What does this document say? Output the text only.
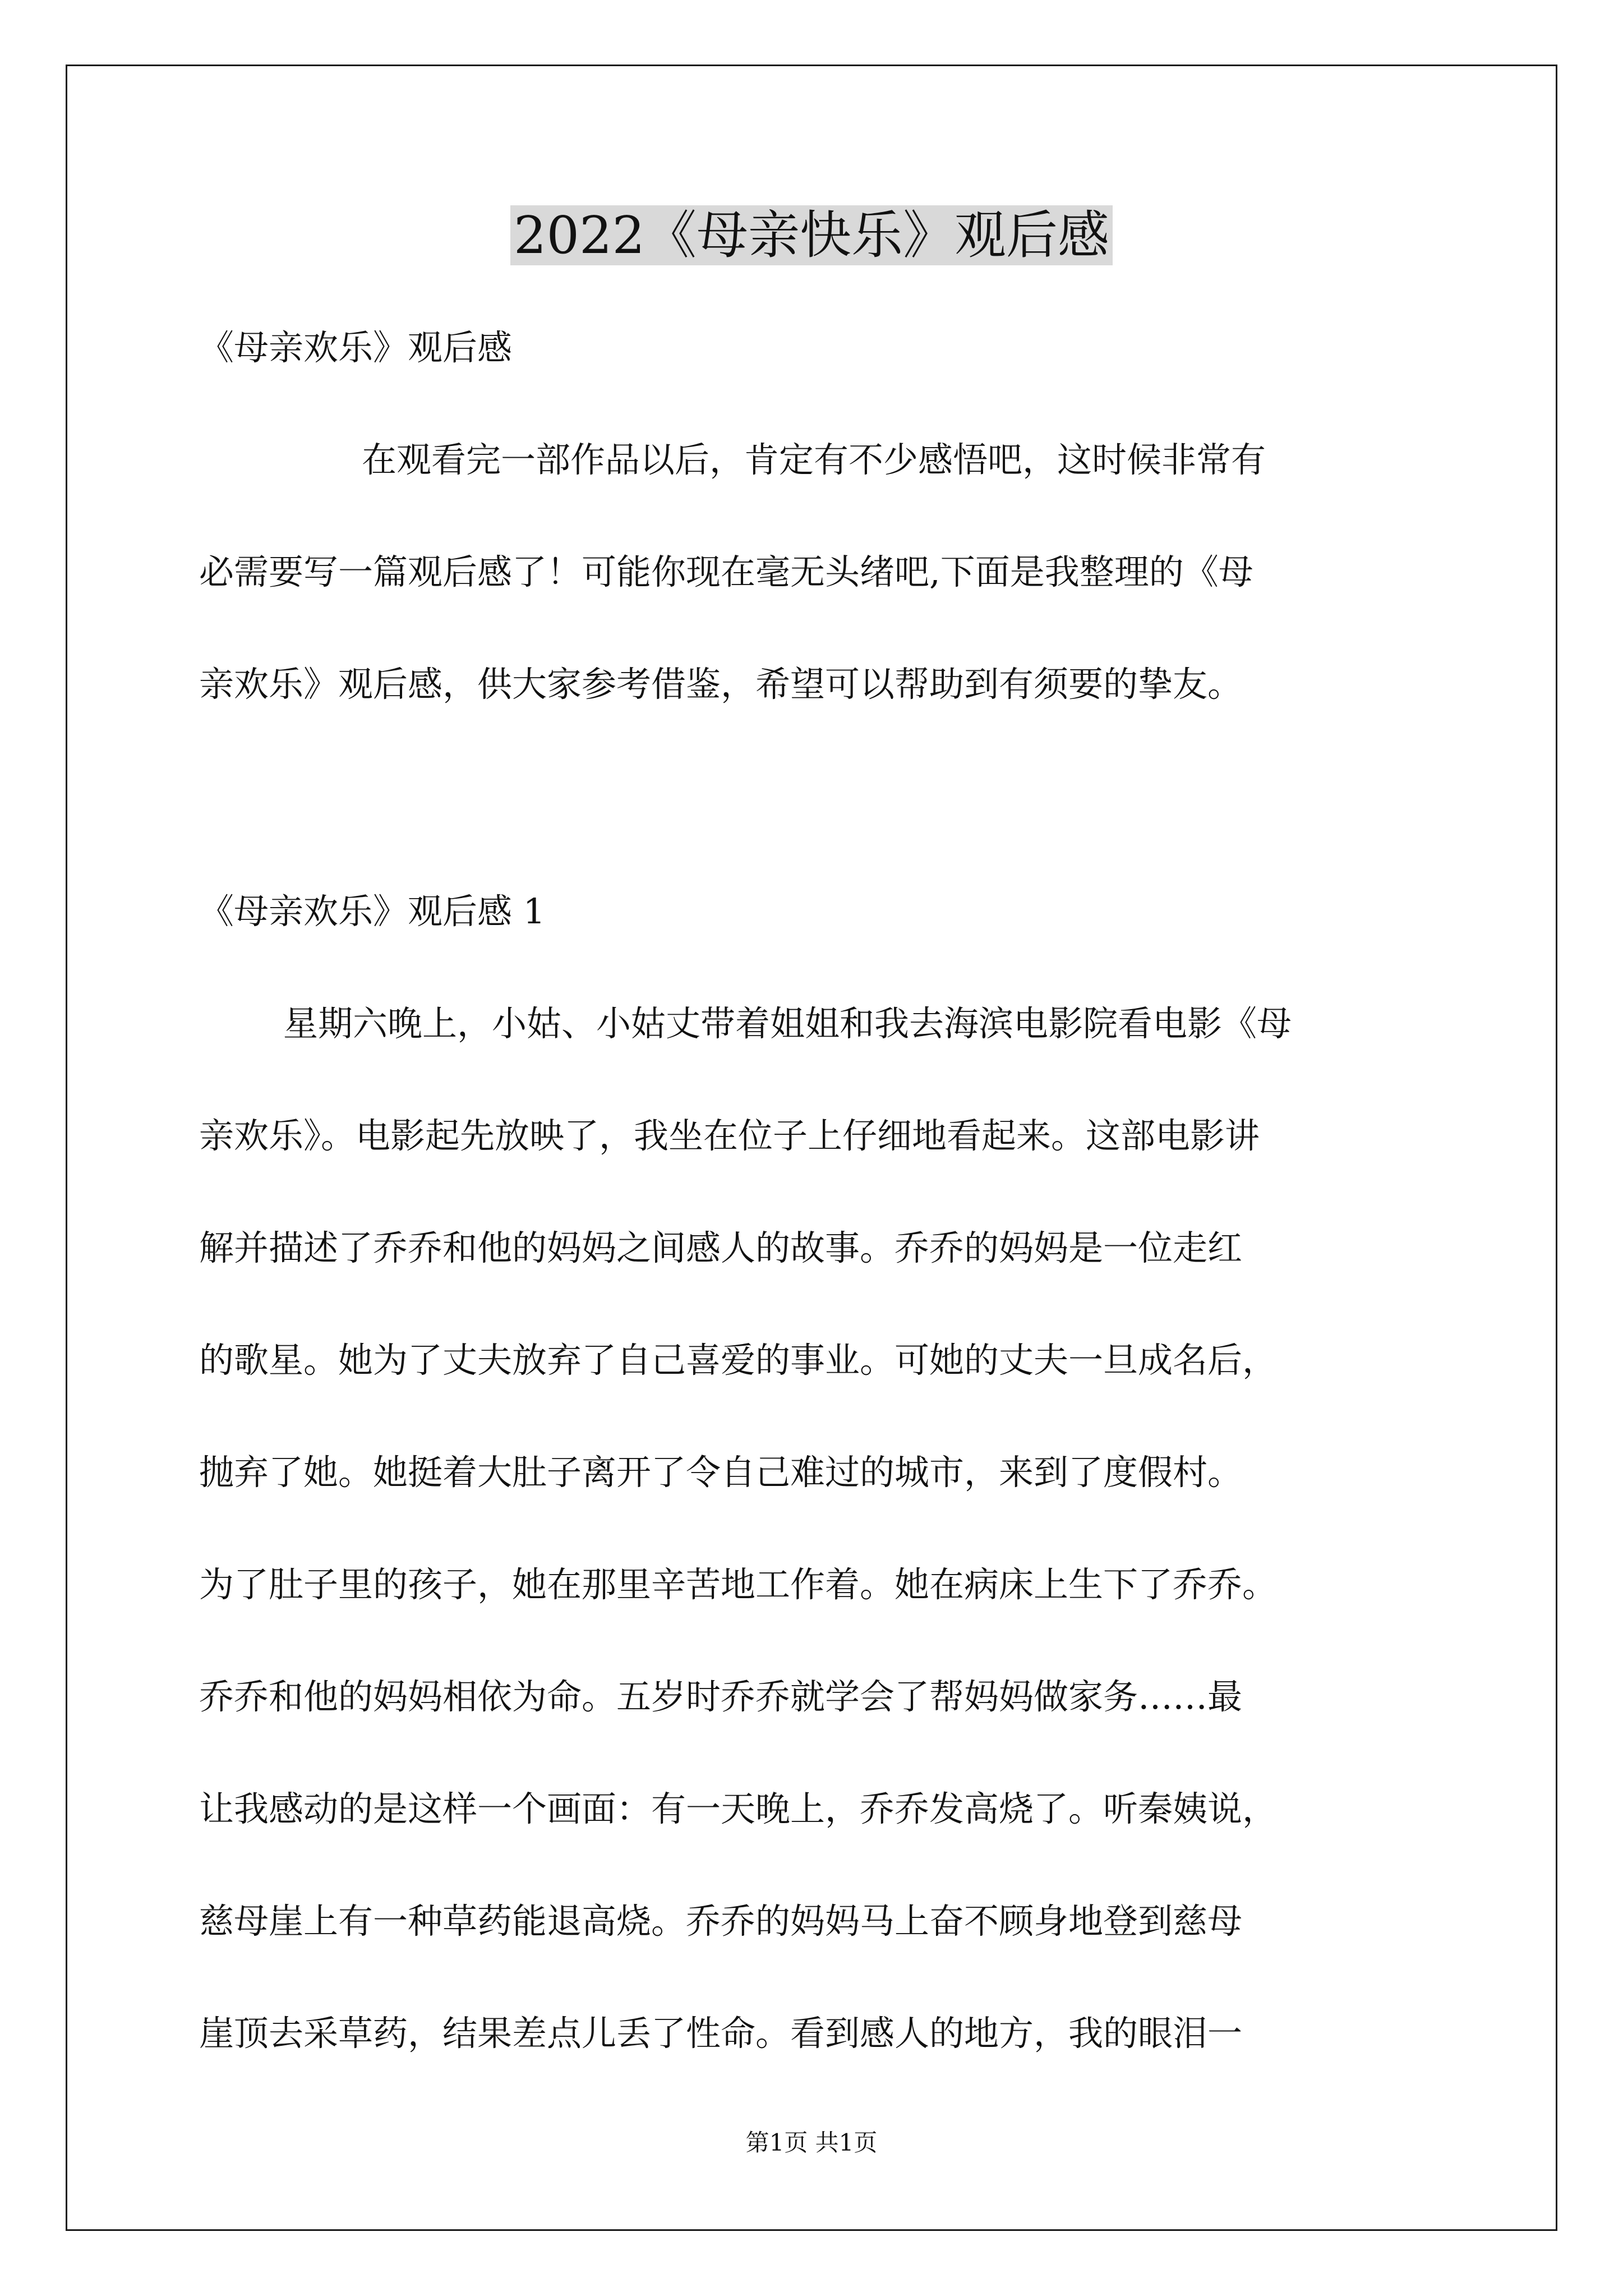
2022《母亲快乐》观后感
《母亲欢乐》观后感
在观看完一部作品以后，肯定有不少感悟吧，这时候非常有
必需要写一篇观后感了！可能你现在毫无头绪吧,下面是我整理的《母
亲欢乐》观后感，供大家参考借鉴，希望可以帮助到有须要的挚友。
《母亲欢乐》观后感 1
星期六晚上，小姑、小姑丈带着姐姐和我去海滨电影院看电影《母
亲欢乐》。电影起先放映了，我坐在位子上仔细地看起来。这部电影讲
解并描述了乔乔和他的妈妈之间感人的故事。乔乔的妈妈是一位走红
的歌星。她为了丈夫放弃了自己喜爱的事业。可她的丈夫一旦成名后，
抛弃了她。她挺着大肚子离开了令自己难过的城市，来到了度假村。
为了肚子里的孩子，她在那里辛苦地工作着。她在病床上生下了乔乔。
乔乔和他的妈妈相依为命。五岁时乔乔就学会了帮妈妈做家务……最
让我感动的是这样一个画面：有一天晚上，乔乔发高烧了。听秦姨说，
慈母崖上有一种草药能退高烧。乔乔的妈妈马上奋不顾身地登到慈母
崖顶去采草药，结果差点儿丢了性命。看到感人的地方，我的眼泪一
第1页 共1页
